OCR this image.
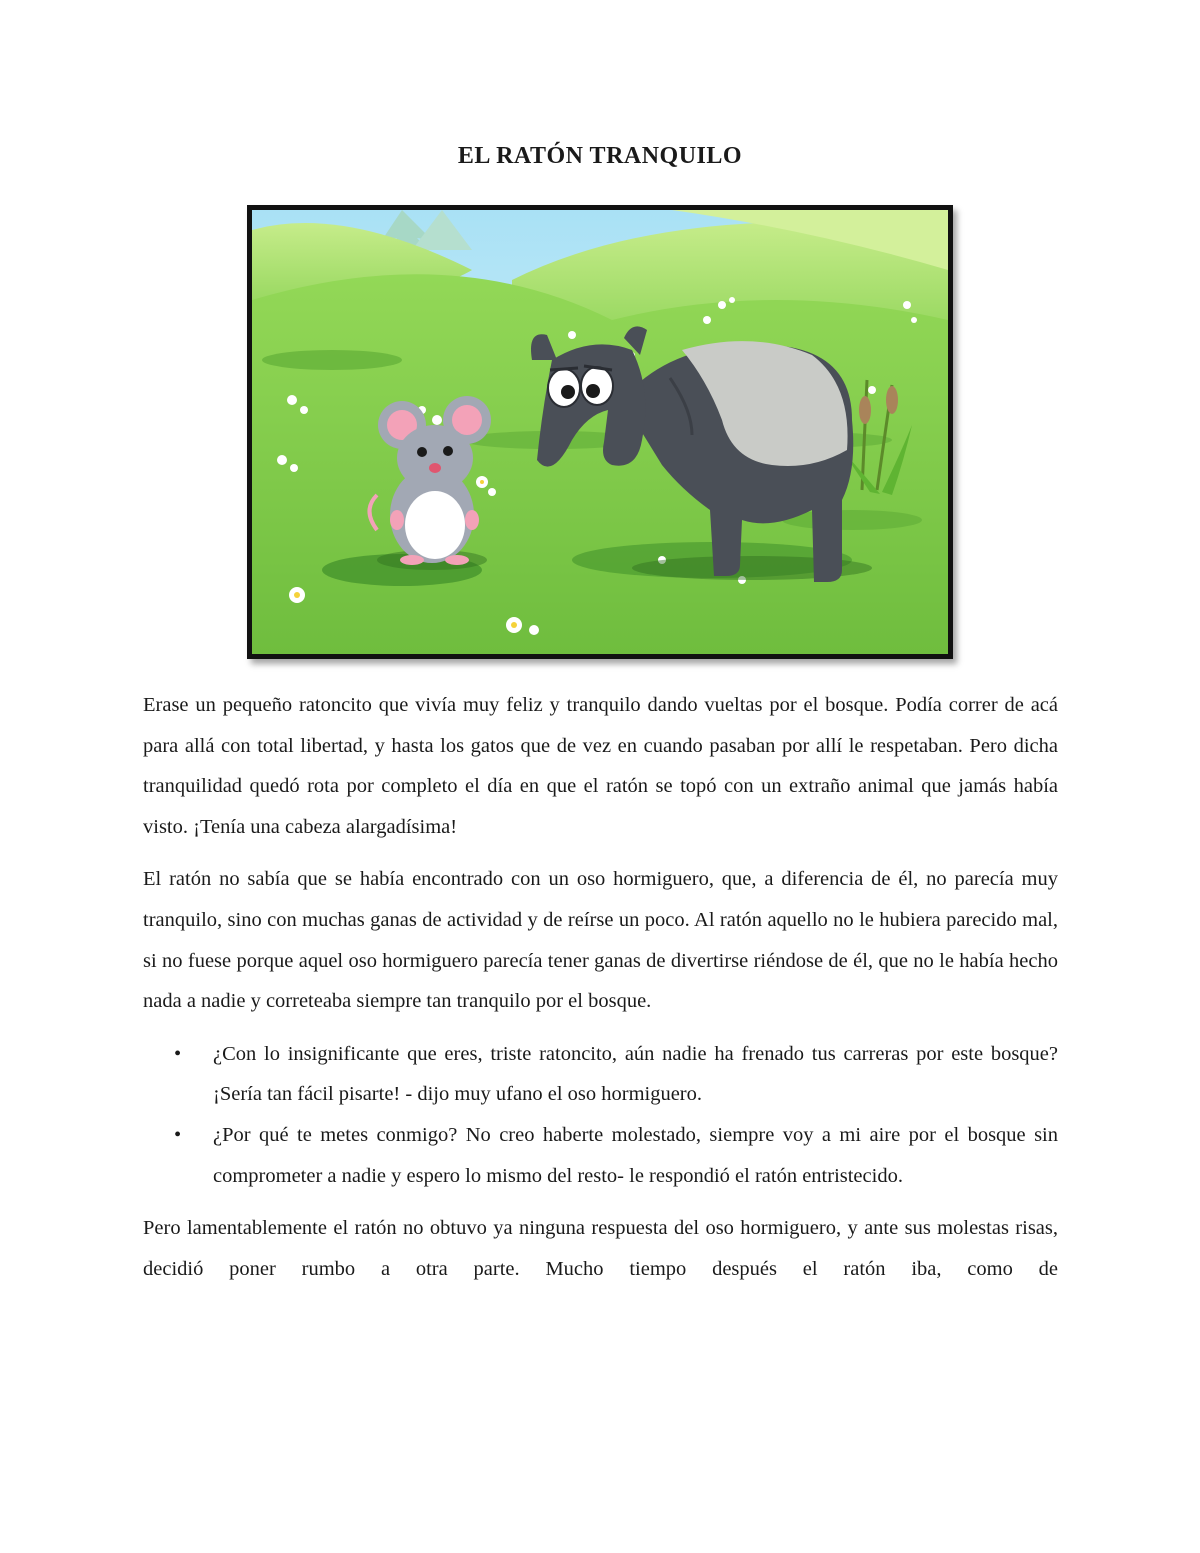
EL RATÓN TRANQUILO

Erase un pequeño ratoncito que vivía muy feliz y tranquilo dando vueltas por el bosque. Podía correr de acá para allá con total libertad, y hasta los gatos que de vez en cuando pasaban por allí le respetaban. Pero dicha tranquilidad quedó rota por completo el día en que el ratón se topó con un extraño animal que jamás había visto. ¡Tenía una cabeza alargadísima!

El ratón no sabía que se había encontrado con un oso hormiguero, que, a diferencia de él, no parecía muy tranquilo, sino con muchas ganas de actividad y de reírse un poco. Al ratón aquello no le hubiera parecido mal, si no fuese porque aquel oso hormiguero parecía tener ganas de divertirse riéndose de él, que no le había hecho nada a nadie y correteaba siempre tan tranquilo por el bosque.

• ¿Con lo insignificante que eres, triste ratoncito, aún nadie ha frenado tus carreras por este bosque? ¡Sería tan fácil pisarte! - dijo muy ufano el oso hormiguero.
• ¿Por qué te metes conmigo? No creo haberte molestado, siempre voy a mi aire por el bosque sin comprometer a nadie y espero lo mismo del resto- le respondió el ratón entristecido.

Pero lamentablemente el ratón no obtuvo ya ninguna respuesta del oso hormiguero, y ante sus molestas risas, decidió poner rumbo a otra parte. Mucho tiempo después el ratón iba, como de
